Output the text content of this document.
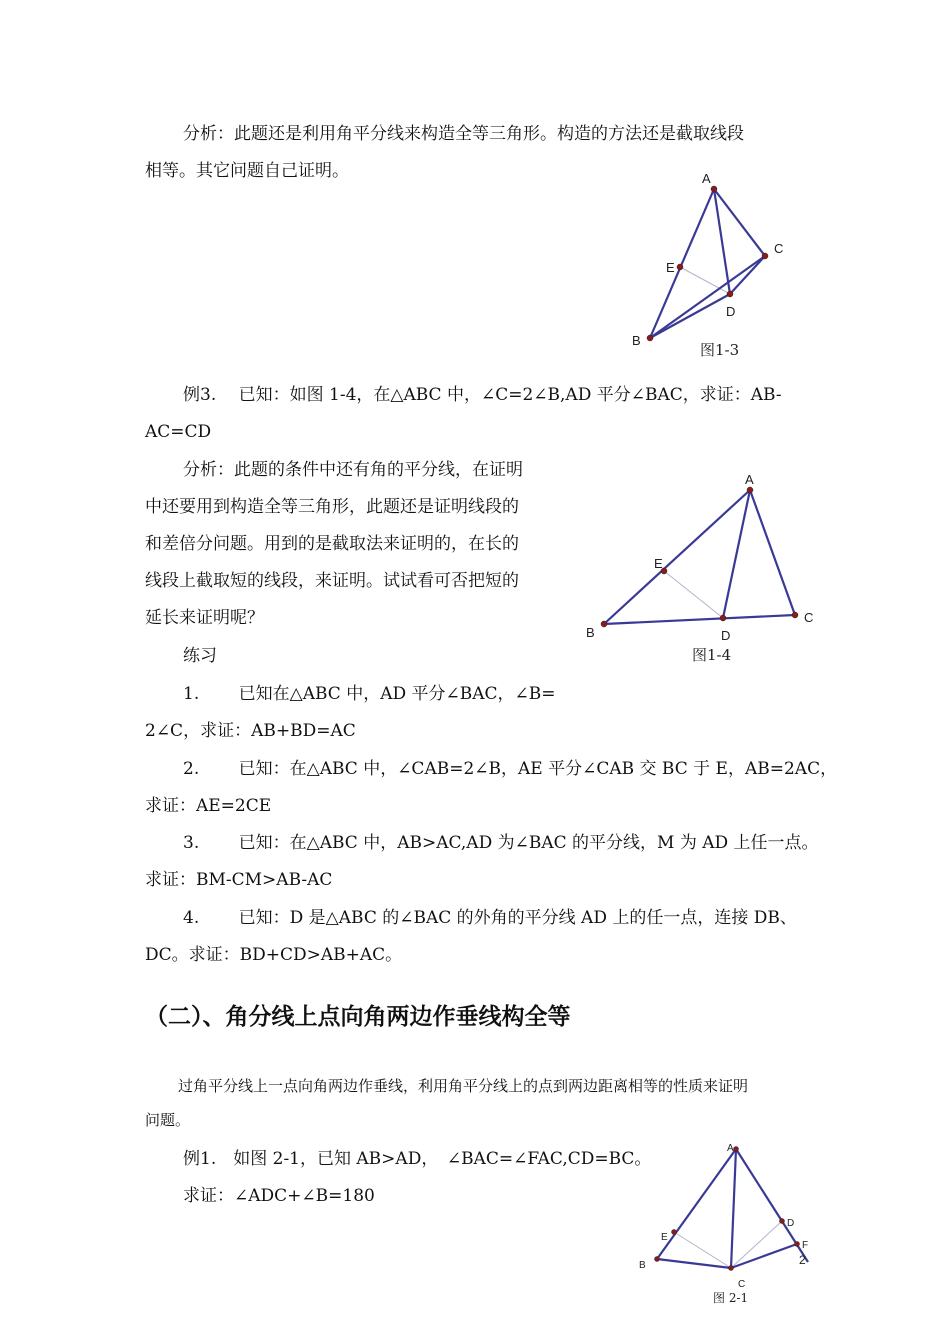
分析：此题还是利用角平分线来构造全等三角形。构造的方法还是截取线段
相等。其它问题自己证明。	A
B
C
D
E
图1-3
例3.　 已知：如图 1-4，在△ABC 中，∠C=2∠B,AD 平分∠BAC，求证：AB-
AC=CD
分析：此题的条件中还有角的平分线，在证明
中还要用到构造全等三角形，此题还是证明线段的
和差倍分问题。用到的是截取法来证明的，在长的
线段上截取短的线段，来证明。试试看可否把短的
延长来证明呢？
A
B
C
D
E
图1-4
练习
1.　　 已知在△ABC 中，AD 平分∠BAC，∠B=
2∠C，求证：AB+BD=AC
2.　　 已知：在△ABC 中，∠CAB=2∠B，AE 平分∠CAB 交 BC 于 E，AB=2AC，
求证：AE=2CE
3.　　 已知：在△ABC 中，AB>AC,AD 为∠BAC 的平分线，M 为 AD 上任一点。
求证：BM-CM>AB-AC
4.　　 已知：D 是△ABC 的∠BAC 的外角的平分线 AD 上的任一点，连接 DB、
DC。求证：BD+CD>AB+AC。
（二）、角分线上点向角两边作垂线构全等
过角平分线上一点向角两边作垂线，利用角平分线上的点到两边距离相等的性质来证明
问题。
例1.　如图 2-1，已知 AB>AD，　∠BAC=∠FAC,CD=BC。
求证：∠ADC+∠B=180
A
B
C
D
E
F
2
图 2-1
